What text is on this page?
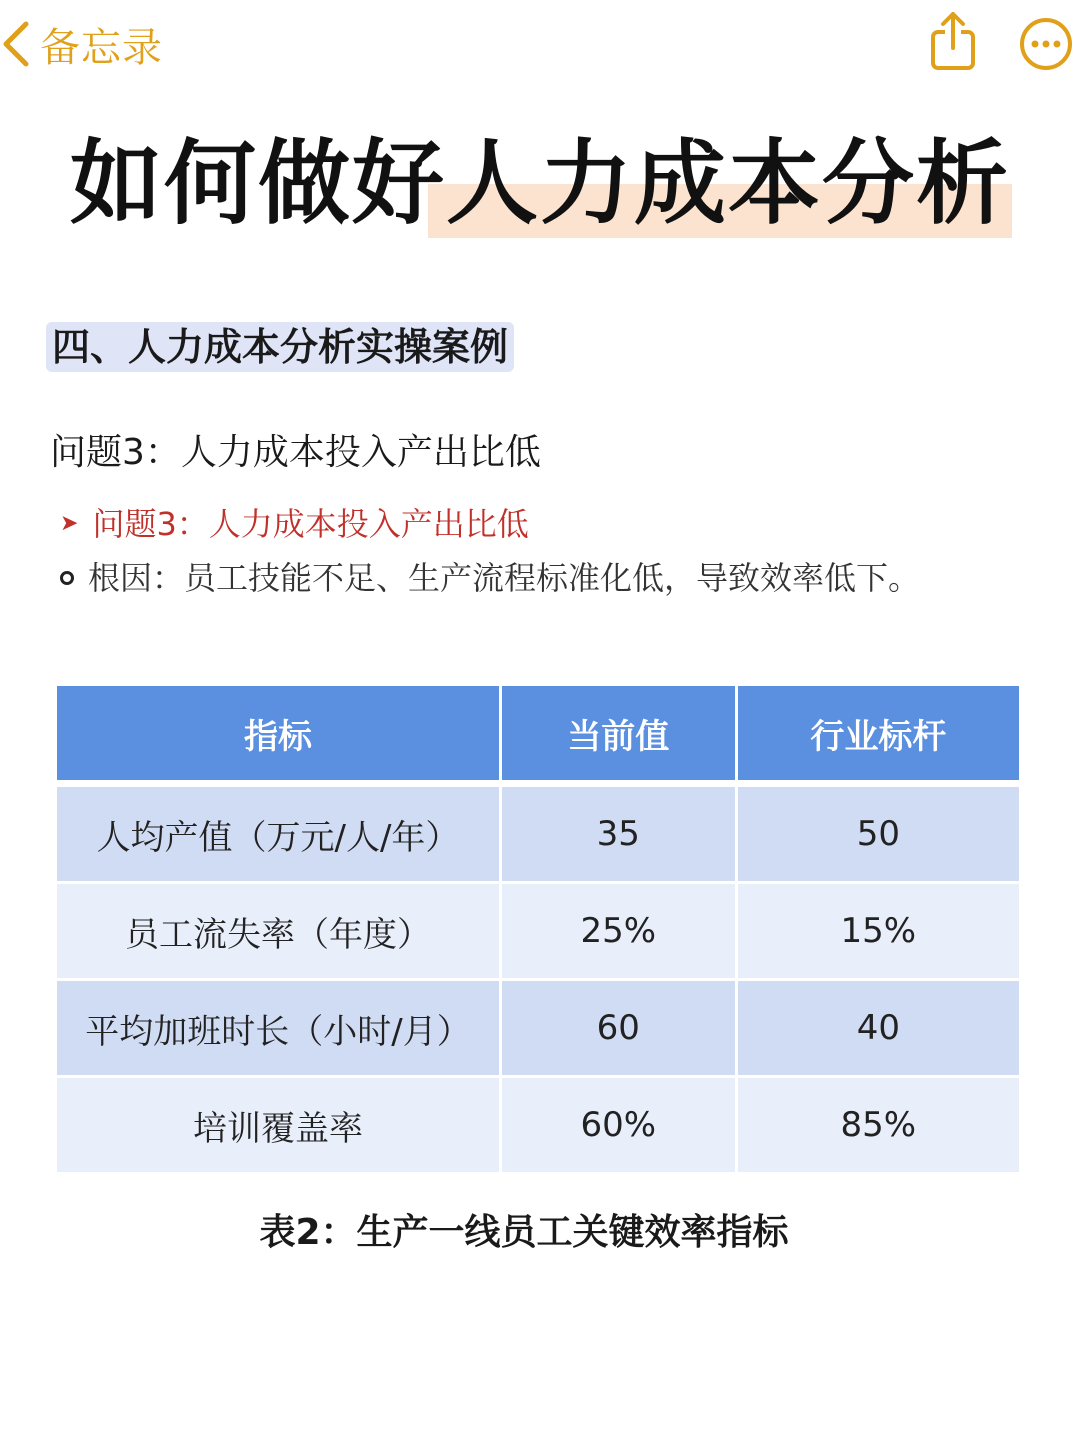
备忘录
如何做好人力成本分析
四、人力成本分析实操案例
问题3：人力成本投入产出比低
➤ 问题3：人力成本投入产出比低
根因：员工技能不足、生产流程标准化低，导致效率低下。
指标	当前值	行业标杆
人均产值（万元/人/年）	35	50
员工流失率（年度）	25%	15%
平均加班时长（小时/月）	60	40
培训覆盖率	60%	85%
表2：生产一线员工关键效率指标
